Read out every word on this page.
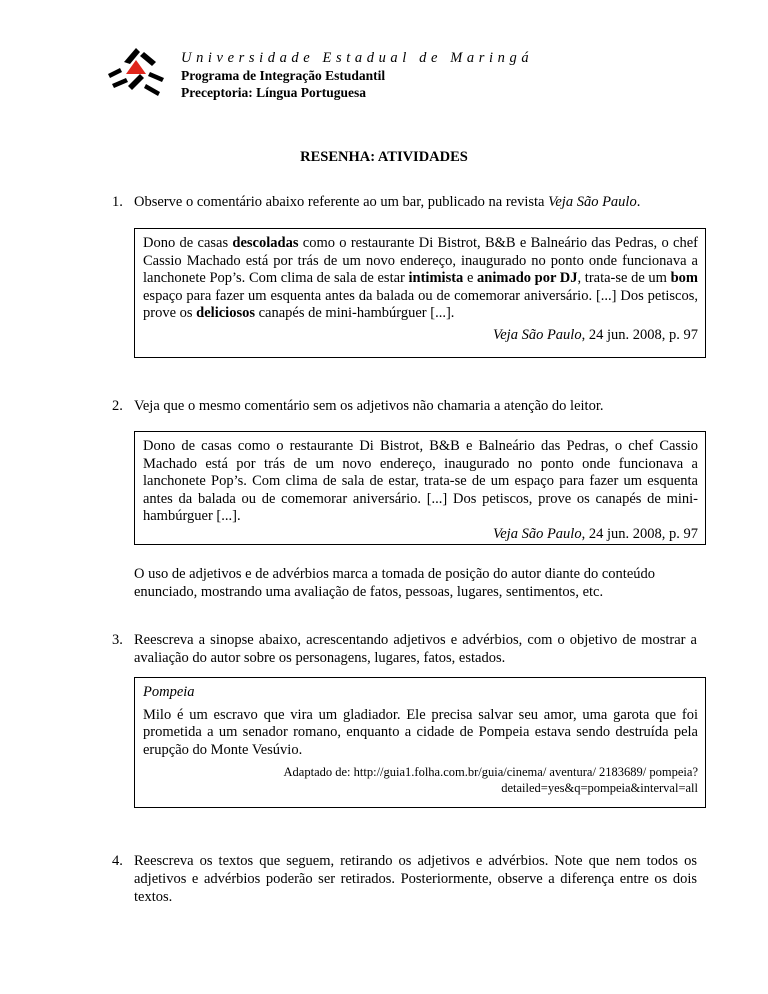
Universidade Estadual de Maringá
Programa de Integração Estudantil
Preceptoria: Língua Portuguesa
RESENHA: ATIVIDADES
1. Observe o comentário abaixo referente ao um bar, publicado na revista Veja São Paulo.

Dono de casas descoladas como o restaurante Di Bistrot, B&B e Balneário das Pedras, o chef Cassio Machado está por trás de um novo endereço, inaugurado no ponto onde funcionava a lanchonete Pop’s. Com clima de sala de estar intimista e animado por DJ, trata-se de um bom espaço para fazer um esquenta antes da balada ou de comemorar aniversário. [...] Dos petiscos, prove os deliciosos canapés de mini-hambúrguer [...].

Veja São Paulo, 24 jun. 2008, p. 97
2. Veja que o mesmo comentário sem os adjetivos não chamaria a atenção do leitor.

Dono de casas como o restaurante Di Bistrot, B&B e Balneário das Pedras, o chef Cassio Machado está por trás de um novo endereço, inaugurado no ponto onde funcionava a lanchonete Pop’s. Com clima de sala de estar, trata-se de um espaço para fazer um esquenta antes da balada ou de comemorar aniversário. [...] Dos petiscos, prove os canapés de mini-hambúrguer [...].

Veja São Paulo, 24 jun. 2008, p. 97
O uso de adjetivos e de advérbios marca a tomada de posição do autor diante do conteúdo enunciado, mostrando uma avaliação de fatos, pessoas, lugares, sentimentos, etc.
3. Reescreva a sinopse abaixo, acrescentando adjetivos e advérbios, com o objetivo de mostrar a avaliação do autor sobre os personagens, lugares, fatos, estados.

Pompeia

Milo é um escravo que vira um gladiador. Ele precisa salvar seu amor, uma garota que foi prometida a um senador romano, enquanto a cidade de Pompeia estava sendo destruída pela erupção do Monte Vesúvio.

Adaptado de: http://guia1.folha.com.br/guia/cinema/ aventura/ 2183689/ pompeia?
detailed=yes&q=pompeia&interval=all
4. Reescreva os textos que seguem, retirando os adjetivos e advérbios. Note que nem todos os adjetivos e advérbios poderão ser retirados. Posteriormente, observe a diferença entre os dois textos.
